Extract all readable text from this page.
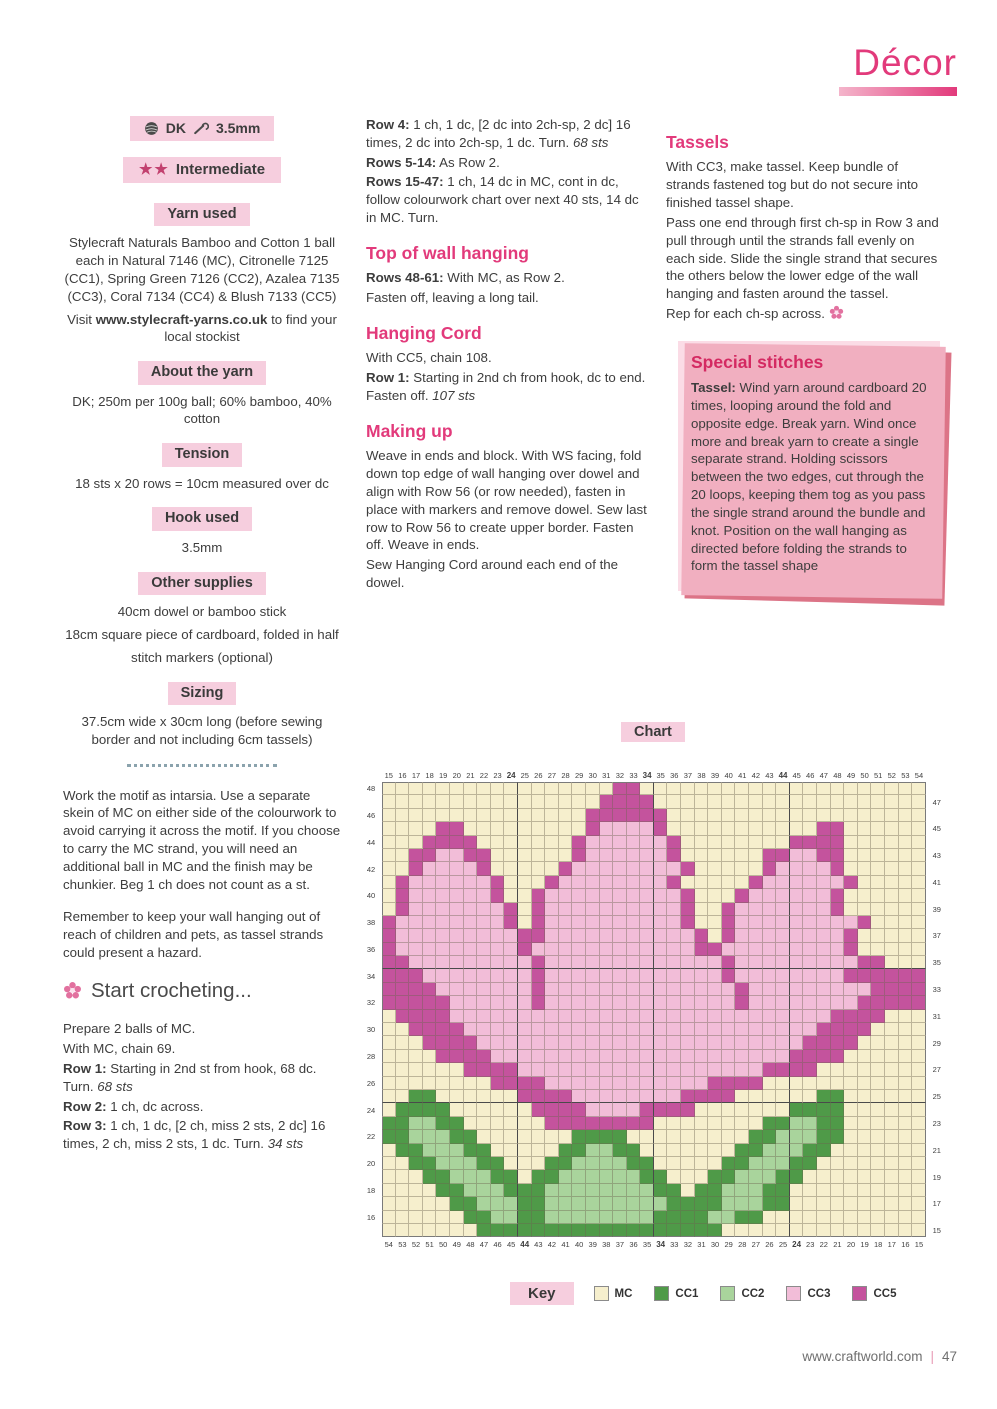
Décor
DK 3.5mm
★★ Intermediate
Yarn used

Stylecraft Naturals Bamboo and Cotton 1 ball each in Natural 7146 (MC), Citronelle 7125 (CC1), Spring Green 7126 (CC2), Azalea 7135 (CC3), Coral 7134 (CC4) & Blush 7133 (CC5)

Visit www.stylecraft-yarns.co.uk to find your local stockist

About the yarn

DK; 250m per 100g ball; 60% bamboo, 40% cotton

Tension

18 sts x 20 rows = 10cm measured over dc

Hook used

3.5mm

Other supplies

40cm dowel or bamboo stick

18cm square piece of cardboard, folded in half

stitch markers (optional)

Sizing

37.5cm wide x 30cm long (before sewing border and not including 6cm tassels)

Work the motif as intarsia. Use a separate skein of MC on either side of the colourwork to avoid carrying it across the motif. If you choose to carry the MC strand, you will need an additional ball in MC and the finish may be chunkier. Beg 1 ch does not count as a st.

Remember to keep your wall hanging out of reach of children and pets, as tassel strands could present a hazard.

Start crocheting...

Prepare 2 balls of MC.

With MC, chain 69.

Row 1: Starting in 2nd st from hook, 68 dc. Turn. 68 sts

Row 2: 1 ch, dc across.

Row 3: 1 ch, 1 dc, [2 ch, miss 2 sts, 2 dc] 16 times, 2 ch, miss 2 sts, 1 dc. Turn. 34 sts

Row 4: 1 ch, 1 dc, [2 dc into 2ch-sp, 2 dc] 16 times, 2 dc into 2ch-sp, 1 dc. Turn. 68 sts

Rows 5-14: As Row 2.

Rows 15-47: 1 ch, 14 dc in MC, cont in dc, follow colourwork chart over next 40 sts, 14 dc in MC. Turn.

Top of wall hanging

Rows 48-61: With MC, as Row 2.

Fasten off, leaving a long tail.

Hanging Cord

With CC5, chain 108.

Row 1: Starting in 2nd ch from hook, dc to end. Fasten off. 107 sts

Making up

Weave in ends and block. With WS facing, fold down top edge of wall hanging over dowel and align with Row 56 (or row needed), fasten in place with markers and remove dowel. Sew last row to Row 56 to create upper border. Fasten off. Weave in ends.

Sew Hanging Cord around each end of the dowel.

Tassels

With CC3, make tassel. Keep bundle of strands fastened tog but do not secure into finished tassel shape.

Pass one end through first ch-sp in Row 3 and pull through until the strands fall evenly on each side. Slide the single strand that secures the others below the lower edge of the wall hanging and fasten around the tassel.

Rep for each ch-sp across.

Special stitches

Tassel: Wind yarn around cardboard 20 times, looping around the fold and opposite edge. Break yarn. Wind once more and break yarn to create a single separate strand. Holding scissors between the two edges, cut through the 20 loops, keeping them tog as you pass the single strand around the bundle and knot. Position on the wall hanging as directed before folding the strands to form the tassel shape

Chart
15 16 17 18 19 20 21 22 23 24 25 26 27 28 29 30 31 32 33 34 35 36 37 38 39 40 41 42 43 44 45 46 47 48 49 50 51 52 53 54
48
47
46
45
44
43
42
41
40
39
38
37
36
35
34
33
32
31
30
29
28
27
26
25
24
23
22
21
20
19
18
17
16
15
54 53 52 51 50 49 48 47 46 45 44 43 42 41 40 39 38 37 36 35 34 33 32 31 30 29 28 27 26 25 24 23 22 21 20 19 18 17 16 15
Key	MC	CC1	CC2	CC3	CC5
www.craftworld.com | 47
